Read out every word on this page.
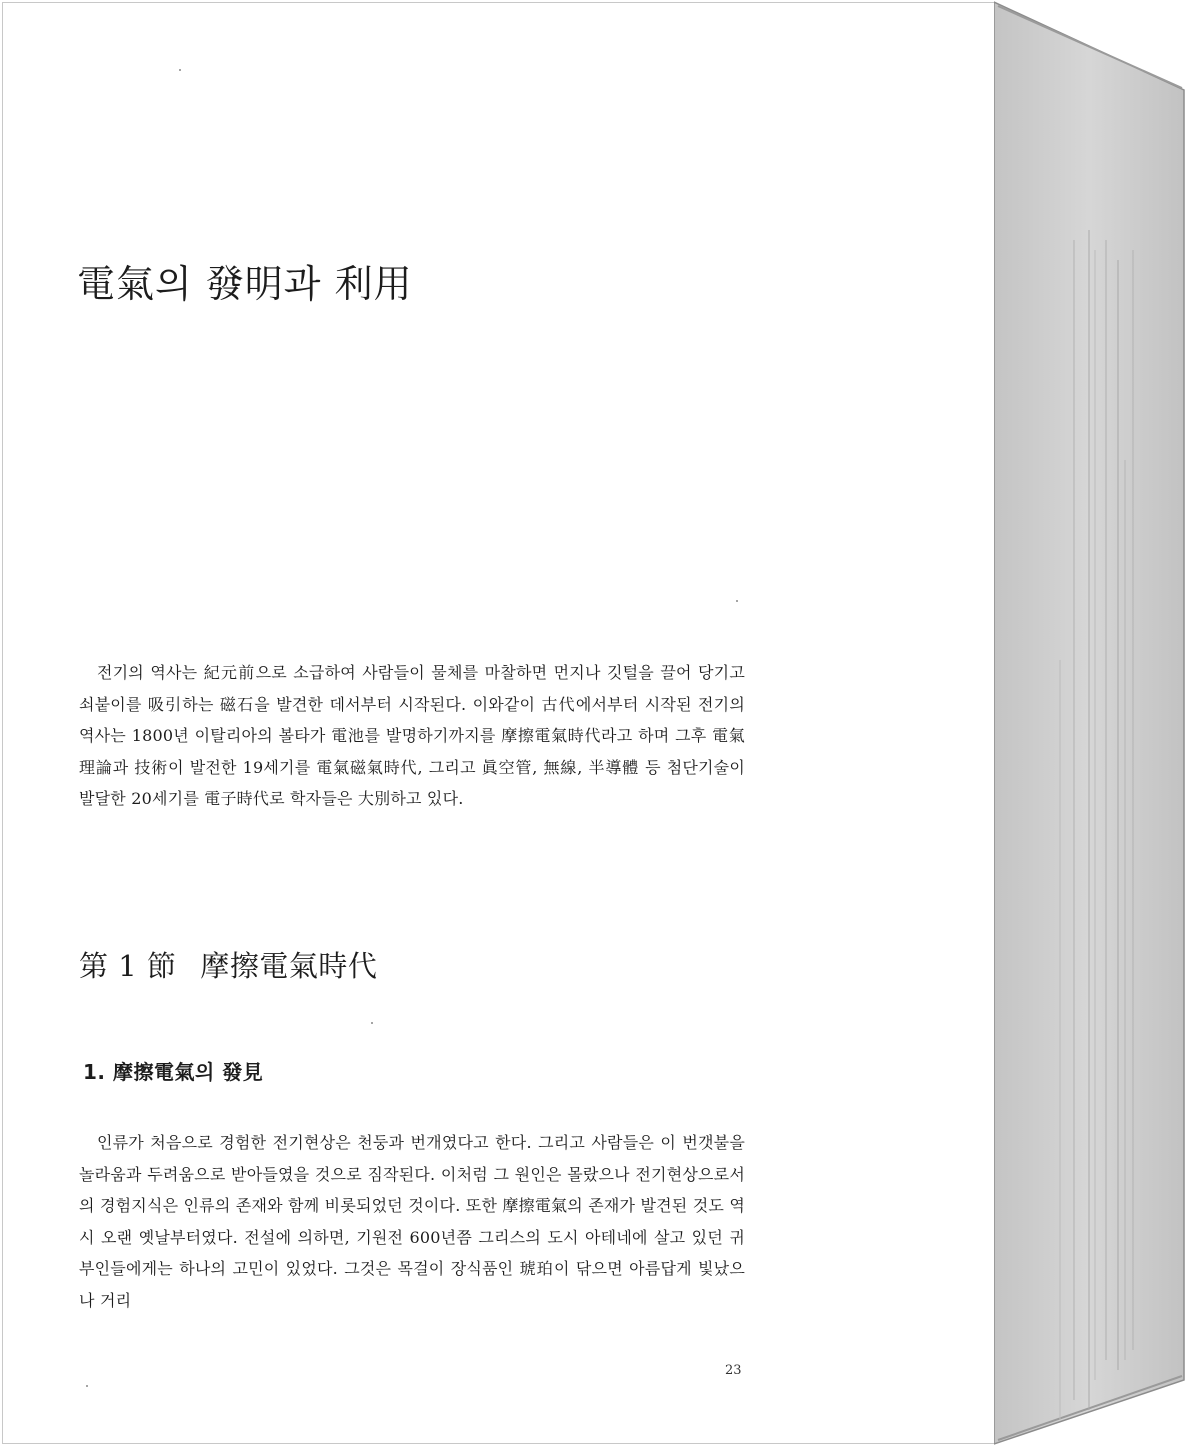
電氣의 發明과 利用

전기의 역사는 紀元前으로 소급하여 사람들이 물체를 마찰하면 먼지나 깃털을 끌어 당기고 쇠붙이를 吸引하는 磁石을 발견한 데서부터 시작된다. 이와같이 古代에서부터 시작된 전기의 역사는 1800년 이탈리아의 볼타가 電池를 발명하기까지를 摩擦電氣時代라고 하며 그후 電氣理論과 技術이 발전한 19세기를 電氣磁氣時代, 그리고 眞空管, 無線, 半導體 등 첨단기술이 발달한 20세기를 電子時代로 학자들은 大別하고 있다.

第 1 節 摩擦電氣時代
1. 摩擦電氣의 發見

인류가 처음으로 경험한 전기현상은 천둥과 번개였다고 한다. 그리고 사람들은 이 번갯불을 놀라움과 두려움으로 받아들였을 것으로 짐작된다. 이처럼 그 원인은 몰랐으나 전기현상으로서의 경험지식은 인류의 존재와 함께 비롯되었던 것이다. 또한 摩擦電氣의 존재가 발견된 것도 역시 오랜 옛날부터였다. 전설에 의하면, 기원전 600년쯤 그리스의 도시 아테네에 살고 있던 귀부인들에게는 하나의 고민이 있었다. 그것은 목걸이 장식품인 琥珀이 닦으면 아름답게 빛났으나 거리

23
